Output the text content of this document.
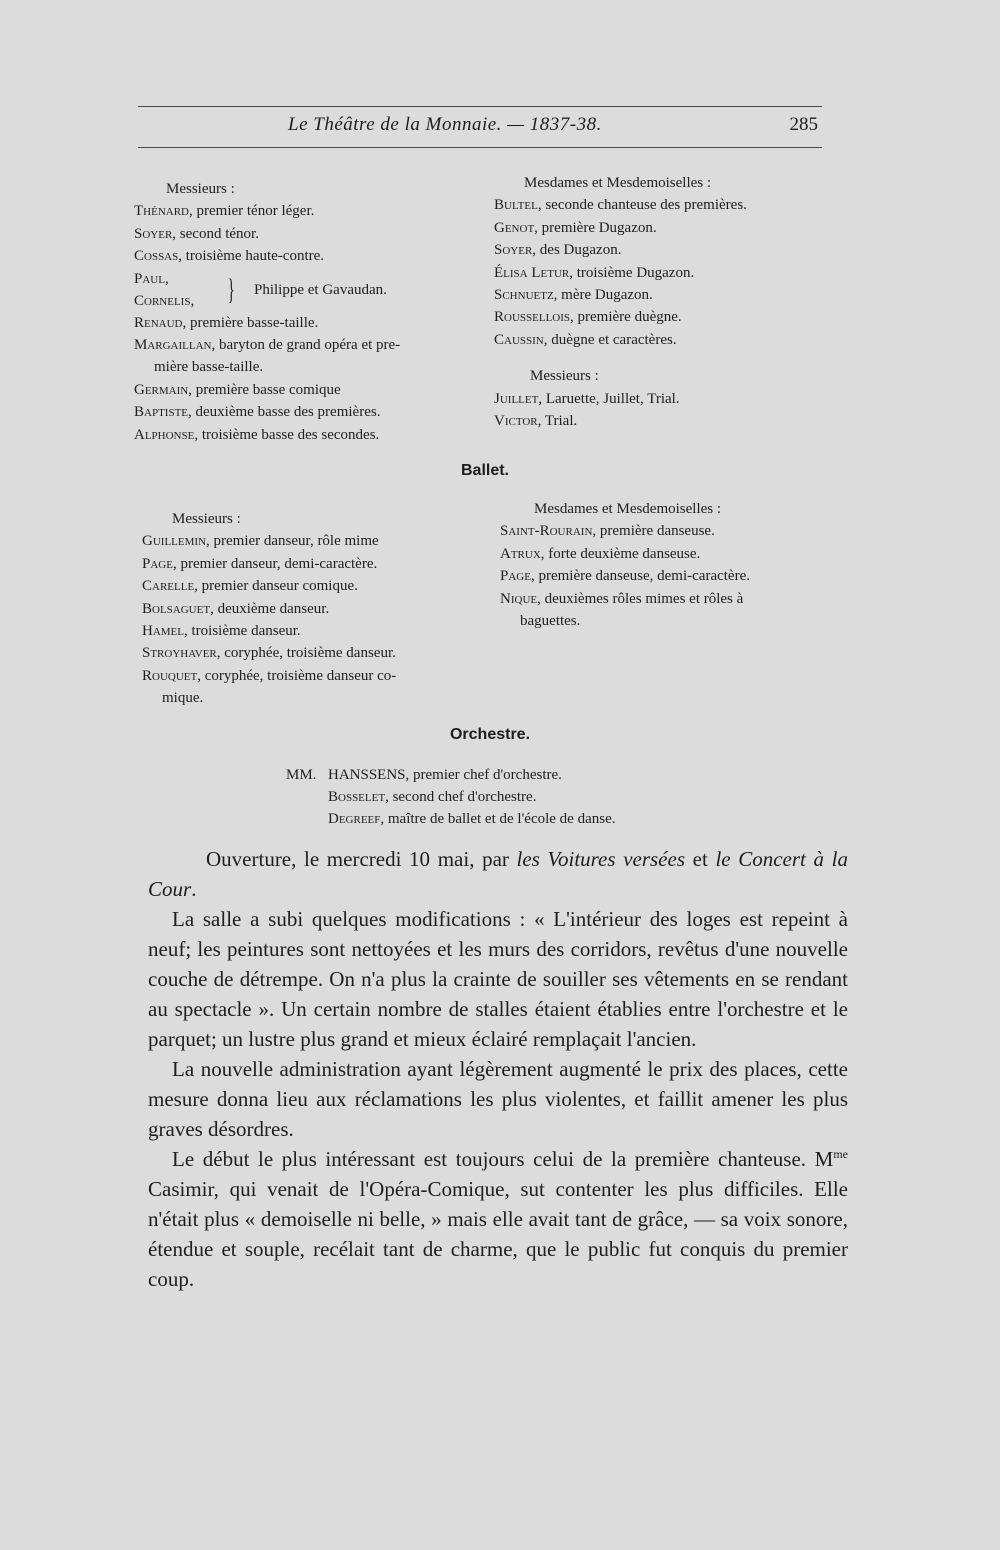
Le Théâtre de la Monnaie. — 1837-38.	285
Messieurs :
Thénard, premier ténor léger.
Soyer, second ténor.
Cossas, troisième haute-contre.
Paul,
Cornelis, } Philippe et Gavaudan.
Renaud, première basse-taille.
Margaillan, baryton de grand opéra et pre-
mière basse-taille.
Germain, première basse comique
Baptiste, deuxième basse des premières.
Alphonse, troisième basse des secondes.
Mesdames et Mesdemoiselles :
Bultel, seconde chanteuse des premières.
Genot, première Dugazon.
Soyer, des Dugazon.
Élisa Letur, troisième Dugazon.
Schnuetz, mère Dugazon.
Roussellois, première duègne.
Caussin, duègne et caractères.
Messieurs :
Juillet, Laruette, Juillet, Trial.
Victor, Trial.
Ballet.
Messieurs :
Guillemin, premier danseur, rôle mime
Page, premier danseur, demi-caractère.
Carelle, premier danseur comique.
Bolsaguet, deuxième danseur.
Hamel, troisième danseur.
Stroyhaver, coryphée, troisième danseur.
Rouquet, coryphée, troisième danseur co-
mique.
Mesdames et Mesdemoiselles :
Saint-Rourain, première danseuse.
Atrux, forte deuxième danseuse.
Page, première danseuse, demi-caractère.
Nique, deuxièmes rôles mimes et rôles à
baguettes.
Orchestre.
MM. HANSSENS, premier chef d'orchestre.
Bosselet, second chef d'orchestre.
Degreef, maître de ballet et de l'école de danse.

Ouverture, le mercredi 10 mai, par les Voitures versées et le Concert à la Cour.

La salle a subi quelques modifications : « L'intérieur des loges est repeint à neuf; les peintures sont nettoyées et les murs des corridors, revêtus d'une nouvelle couche de détrempe. On n'a plus la crainte de souiller ses vêtements en se rendant au spectacle ». Un certain nombre de stalles étaient établies entre l'orchestre et le parquet; un lustre plus grand et mieux éclairé remplaçait l'ancien.

La nouvelle administration ayant légèrement augmenté le prix des places, cette mesure donna lieu aux réclamations les plus violentes, et faillit amener les plus graves désordres.

Le début le plus intéressant est toujours celui de la première chanteuse. $M^{me}$ Casimir, qui venait de l'Opéra-Comique, sut contenter les plus difficiles. Elle n'était plus « demoiselle ni belle, » mais elle avait tant de grâce, — sa voix sonore, étendue et souple, recélait tant de charme, que le public fut conquis du premier coup.
